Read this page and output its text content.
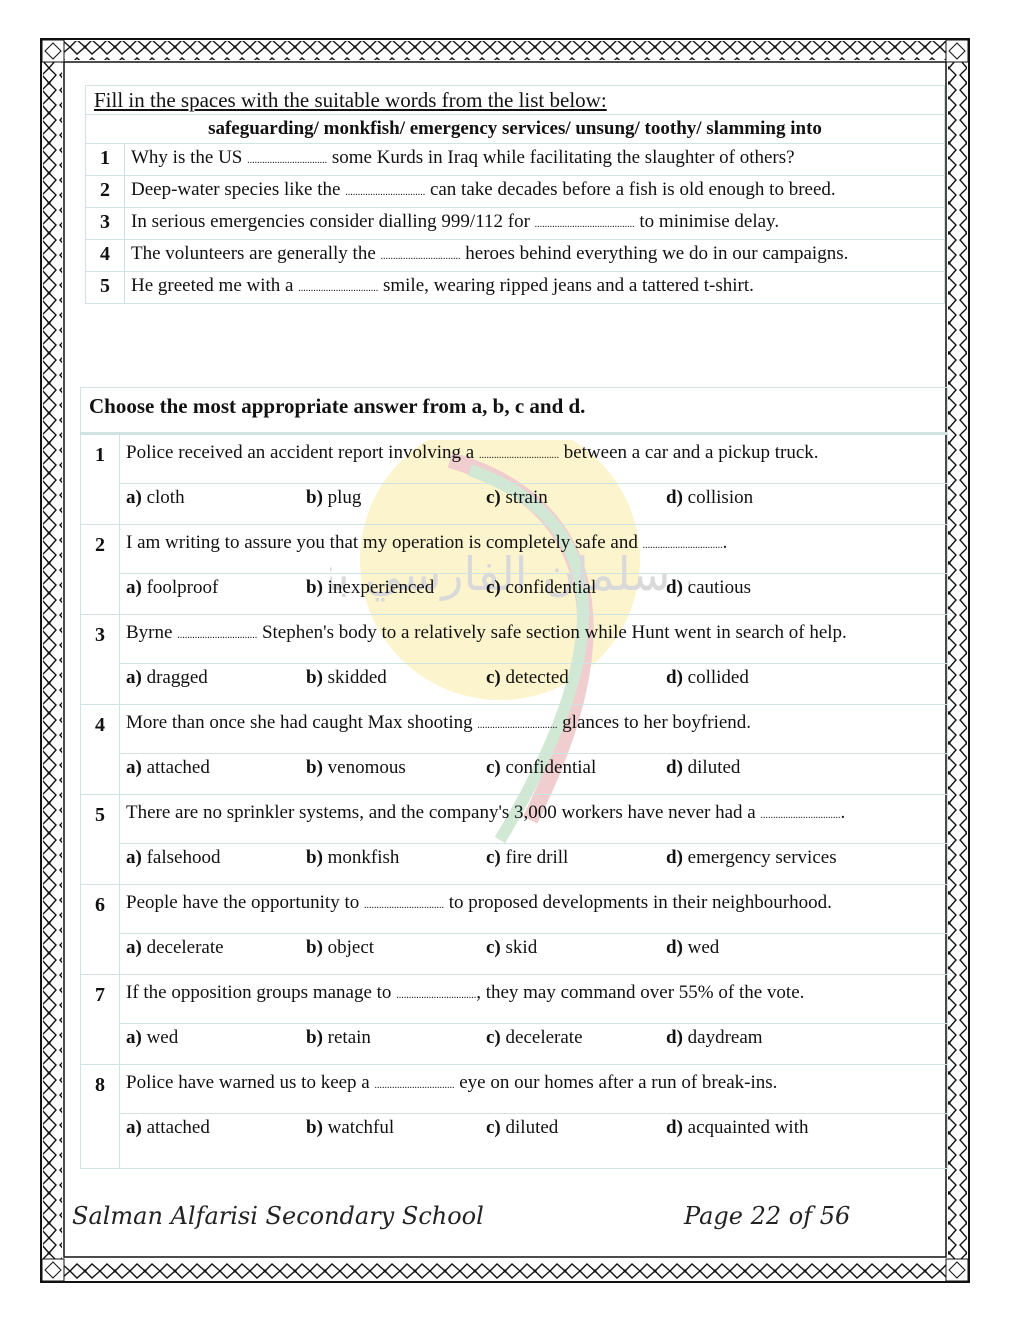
سلمان الفارسي ب
Fill in the spaces with the suitable words from the list below:	
safeguarding/ monkfish/ emergency services/ unsung/ toothy/ slamming into	
1	Why is the US ................................ some Kurds in Iraq while facilitating the slaughter of others?
2	Deep-water species like the ................................ can take decades before a fish is old enough to breed.
3	In serious emergencies consider dialling 999/112 for ........................................ to minimise delay.
4	The volunteers are generally the ................................ heroes behind everything we do in our campaigns.
5	He greeted me with a ................................ smile, wearing ripped jeans and a tattered t-shirt.
Choose the most appropriate answer from a, b, c and d.	
1	Police received an accident report involving a ................................ between a car and a pickup truck.
	a) cloth b) plug c) strain d) collision
2	I am writing to assure you that my operation is completely safe and .................................
	a) foolproof b) inexperienced c) confidential d) cautious
3	Byrne ................................ Stephen's body to a relatively safe section while Hunt went in search of help.
	a) dragged b) skidded c) detected d) collided
4	More than once she had caught Max shooting ................................ glances to her boyfriend.
	a) attached b) venomous c) confidential d) diluted
5	There are no sprinkler systems, and the company's 3,000 workers have never had a .................................
	a) falsehood b) monkfish c) fire drill d) emergency services
6	People have the opportunity to ................................ to proposed developments in their neighbourhood.
	a) decelerate b) object c) skid d) wed
7	If the opposition groups manage to ................................, they may command over 55% of the vote.
	a) wed b) retain c) decelerate d) daydream
8	Police have warned us to keep a ................................ eye on our homes after a run of break-ins.
	a) attached b) watchful c) diluted d) acquainted with
Salman Alfarisi Secondary School	Page 22 of 56
